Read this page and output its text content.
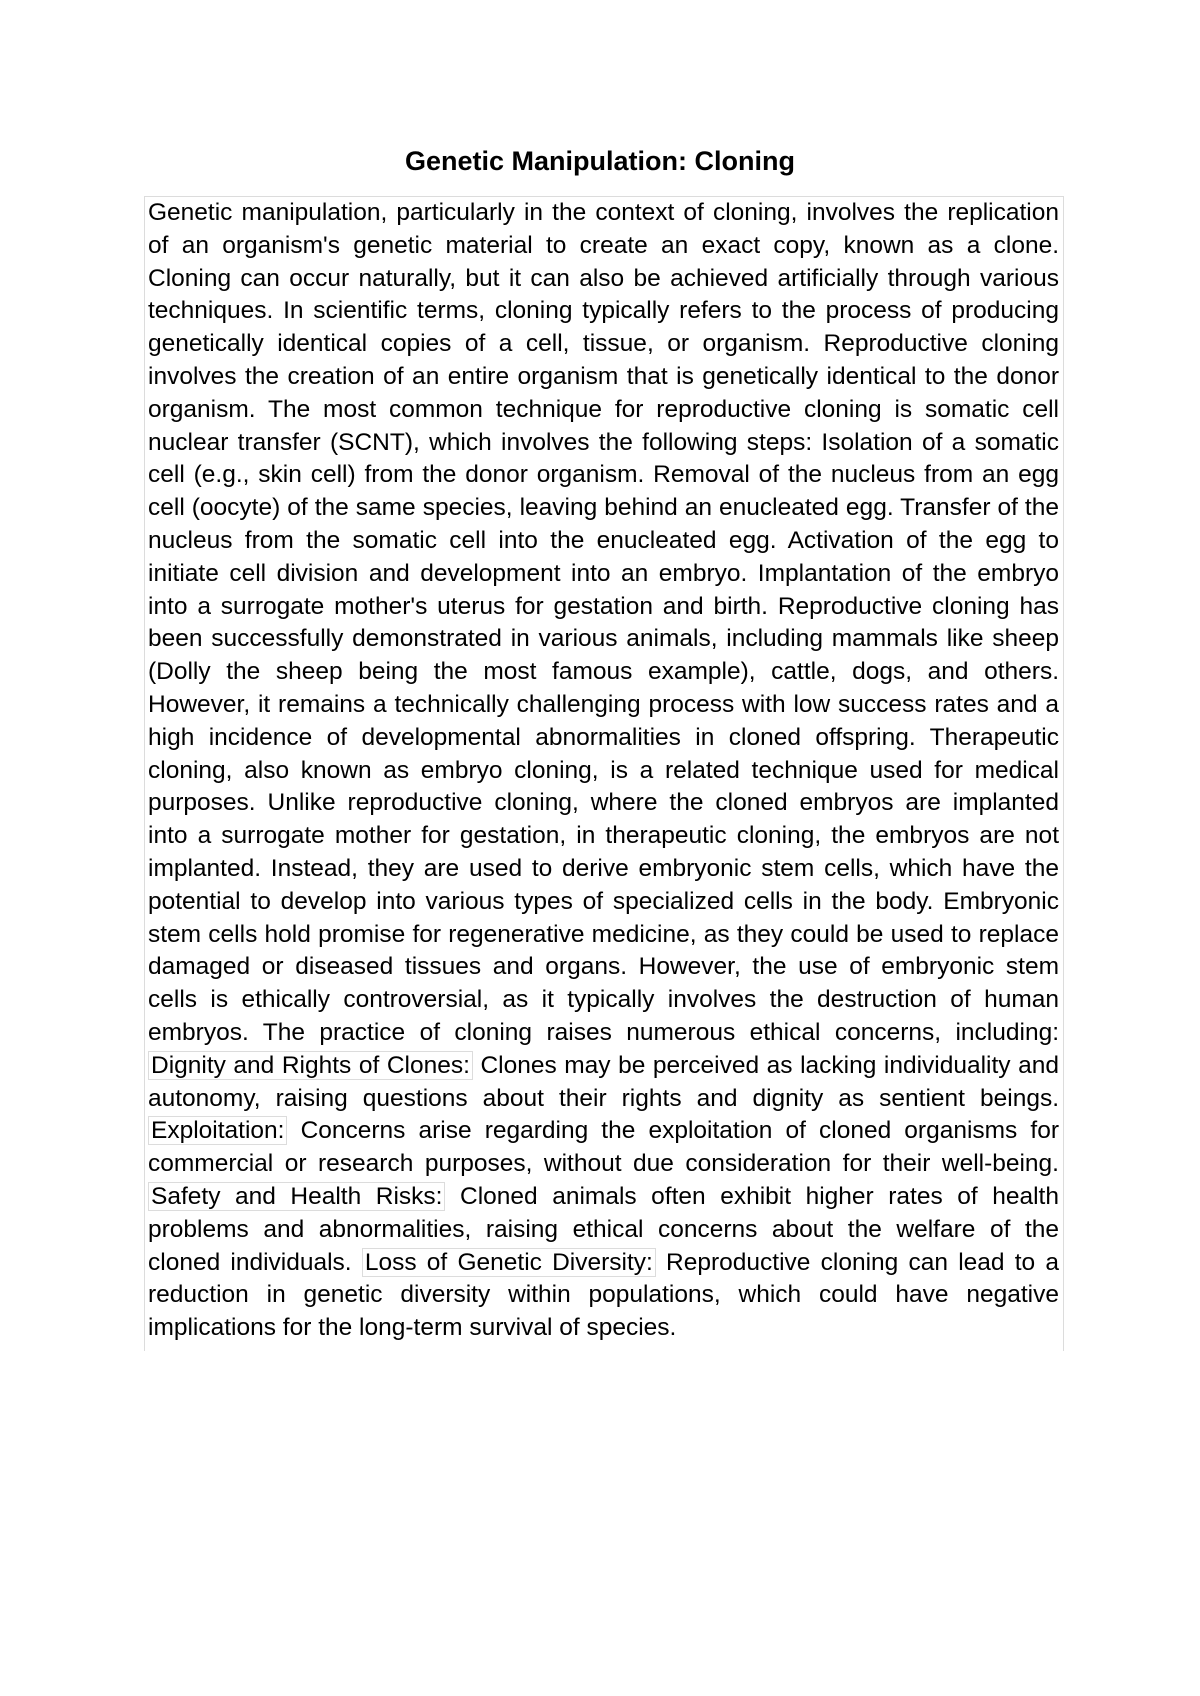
Genetic Manipulation: Cloning

Genetic manipulation, particularly in the context of cloning, involves the replication of an organism's genetic material to create an exact copy, known as a clone. Cloning can occur naturally, but it can also be achieved artificially through various techniques. In scientific terms, cloning typically refers to the process of producing genetically identical copies of a cell, tissue, or organism. Reproductive cloning involves the creation of an entire organism that is genetically identical to the donor organism. The most common technique for reproductive cloning is somatic cell nuclear transfer (SCNT), which involves the following steps: Isolation of a somatic cell (e.g., skin cell) from the donor organism. Removal of the nucleus from an egg cell (oocyte) of the same species, leaving behind an enucleated egg. Transfer of the nucleus from the somatic cell into the enucleated egg. Activation of the egg to initiate cell division and development into an embryo. Implantation of the embryo into a surrogate mother's uterus for gestation and birth. Reproductive cloning has been successfully demonstrated in various animals, including mammals like sheep (Dolly the sheep being the most famous example), cattle, dogs, and others. However, it remains a technically challenging process with low success rates and a high incidence of developmental abnormalities in cloned offspring. Therapeutic cloning, also known as embryo cloning, is a related technique used for medical purposes. Unlike reproductive cloning, where the cloned embryos are implanted into a surrogate mother for gestation, in therapeutic cloning, the embryos are not implanted. Instead, they are used to derive embryonic stem cells, which have the potential to develop into various types of specialized cells in the body. Embryonic stem cells hold promise for regenerative medicine, as they could be used to replace damaged or diseased tissues and organs. However, the use of embryonic stem cells is ethically controversial, as it typically involves the destruction of human embryos. The practice of cloning raises numerous ethical concerns, including: Dignity and Rights of Clones: Clones may be perceived as lacking individuality and autonomy, raising questions about their rights and dignity as sentient beings. Exploitation: Concerns arise regarding the exploitation of cloned organisms for commercial or research purposes, without due consideration for their well-being. Safety and Health Risks: Cloned animals often exhibit higher rates of health problems and abnormalities, raising ethical concerns about the welfare of the cloned individuals. Loss of Genetic Diversity: Reproductive cloning can lead to a reduction in genetic diversity within populations, which could have negative implications for the long-term survival of species.
